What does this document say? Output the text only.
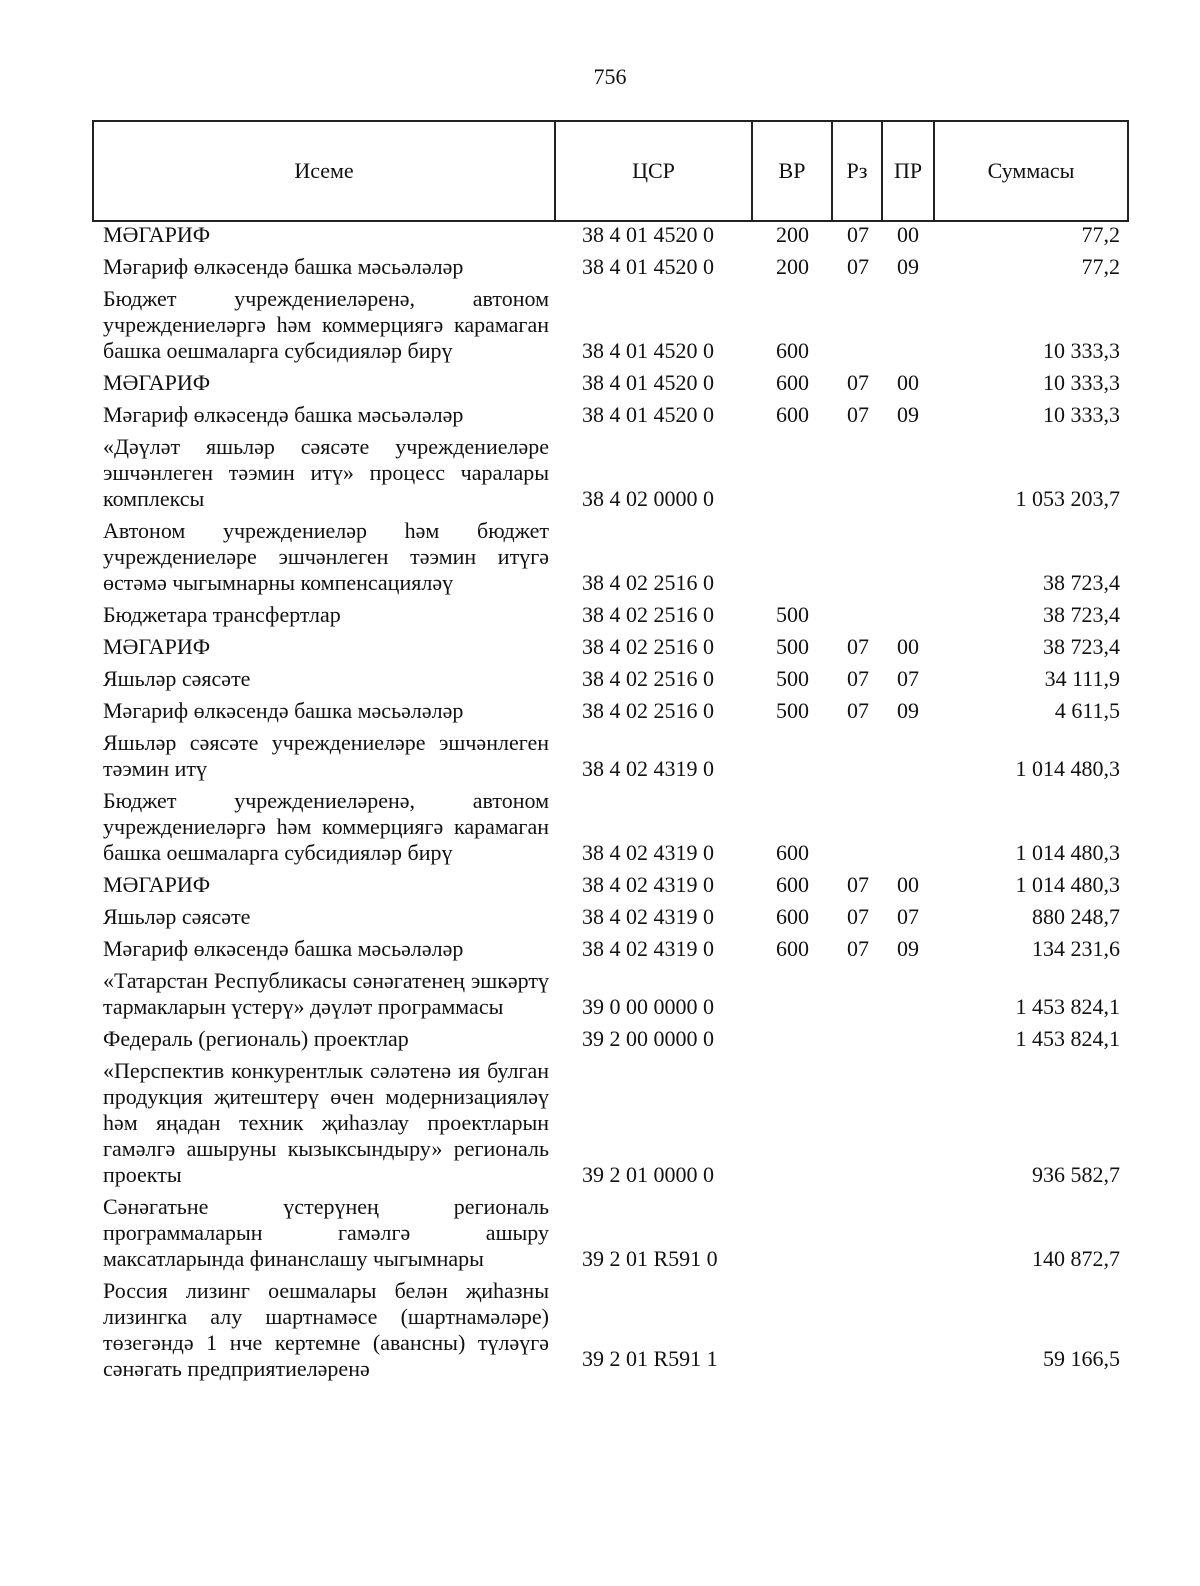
756
Исеме	ЦСР	ВР	Рз	ПР	Суммасы
МӘГАРИФ	38 4 01 4520 0	200 07 00	77,2
Мәгариф өлкәсендә башка мәсьәләләр	38 4 01 4520 0	200 07 09	77,2
Бюджет учреждениеләренә, автоном учреждениеләргә һәм коммерциягә карамаган башка оешмаларга субсидияләр бирү	38 4 01 4520 0	600	10 333,3
МӘГАРИФ	38 4 01 4520 0	600 07 00	10 333,3
Мәгариф өлкәсендә башка мәсьәләләр	38 4 01 4520 0	600 07 09	10 333,3
«Дәүләт яшьләр сәясәте учреждениеләре эшчәнлеген тәэмин итү» процесс чаралары комплексы	38 4 02 0000 0	1 053 203,7
Автоном учреждениеләр һәм бюджет учреждениеләре эшчәнлеген тәэмин итүгә өстәмә чыгымнарны компенсацияләү	38 4 02 2516 0	38 723,4
Бюджетара трансфертлар	38 4 02 2516 0	500	38 723,4
МӘГАРИФ	38 4 02 2516 0	500 07 00	38 723,4
Яшьләр сәясәте	38 4 02 2516 0	500 07 07	34 111,9
Мәгариф өлкәсендә башка мәсьәләләр	38 4 02 2516 0	500 07 09	4 611,5
Яшьләр сәясәте учреждениеләре эшчәнлеген тәэмин итү	38 4 02 4319 0	1 014 480,3
Бюджет учреждениеләренә, автоном учреждениеләргә һәм коммерциягә карамаган башка оешмаларга субсидияләр бирү	38 4 02 4319 0	600	1 014 480,3
МӘГАРИФ	38 4 02 4319 0	600 07 00	1 014 480,3
Яшьләр сәясәте	38 4 02 4319 0	600 07 07	880 248,7
Мәгариф өлкәсендә башка мәсьәләләр	38 4 02 4319 0	600 07 09	134 231,6
«Татарстан Республикасы сәнәгатенең эшкәртү тармакларын үстерү» дәүләт программасы	39 0 00 0000 0	1 453 824,1
Федераль (региональ) проектлар	39 2 00 0000 0	1 453 824,1
«Перспектив конкурентлык сәләтенә ия булган продукция җитештерү өчен модернизацияләү һәм яңадан техник җиһазлау проектларын гамәлгә ашыруны кызыксындыру» региональ проекты	39 2 01 0000 0	936 582,7
Сәнәгатьне үстерүнең региональ программаларын гамәлгә ашыру максатларында финанслашу чыгымнары	39 2 01 R591 0	140 872,7
Россия лизинг оешмалары белән җиһазны лизингка алу шартнамәсе (шартнамәләре) төзегәндә 1 нче кертемне (авансны) түләүгә сәнәгать предприятиеләренә	39 2 01 R591 1	59 166,5
